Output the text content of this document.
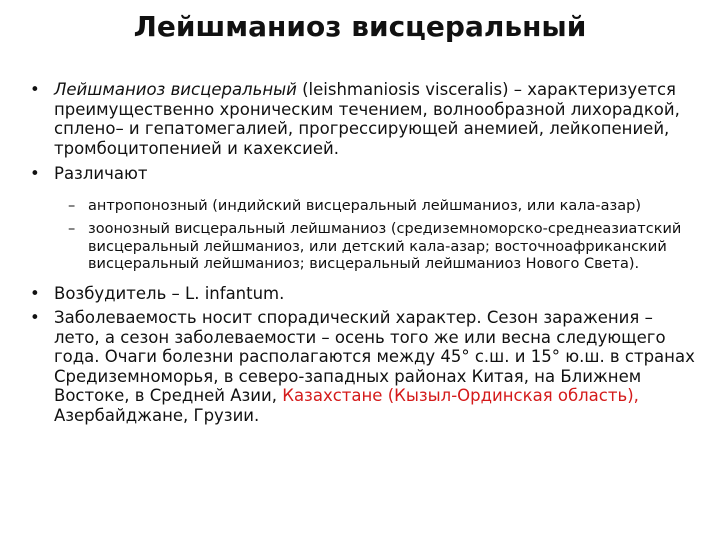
Лейшманиоз висцеральный
• Лейшманиоз висцеральный (leishmaniosis visceralis) – характеризуется преимущественно хроническим течением, волнообразной лихорадкой, сплено– и гепатомегалией, прогрессирующей анемией, лейкопенией, тромбоцитопенией и кахексией.
• Различают
– антропонозный (индийский висцеральный лейшманиоз, или кала‑азар)
– зоонозный висцеральный лейшманиоз (средиземноморско‑среднеазиатский висцеральный лейшманиоз, или детский кала‑азар; восточноафриканский висцеральный лейшманиоз; висцеральный лейшманиоз Нового Света).
• Возбудитель – L. infantum.
• Заболеваемость носит спорадический характер. Сезон заражения – лето, а сезон заболеваемости – осень того же или весна следующего года. Очаги болезни располагаются между 45° с.ш. и 15° ю.ш. в странах Средиземноморья, в северо‑западных районах Китая, на Ближнем Востоке, в Средней Азии, Казахстане (Кызыл‑Ординская область), Азербайджане, Грузии.
